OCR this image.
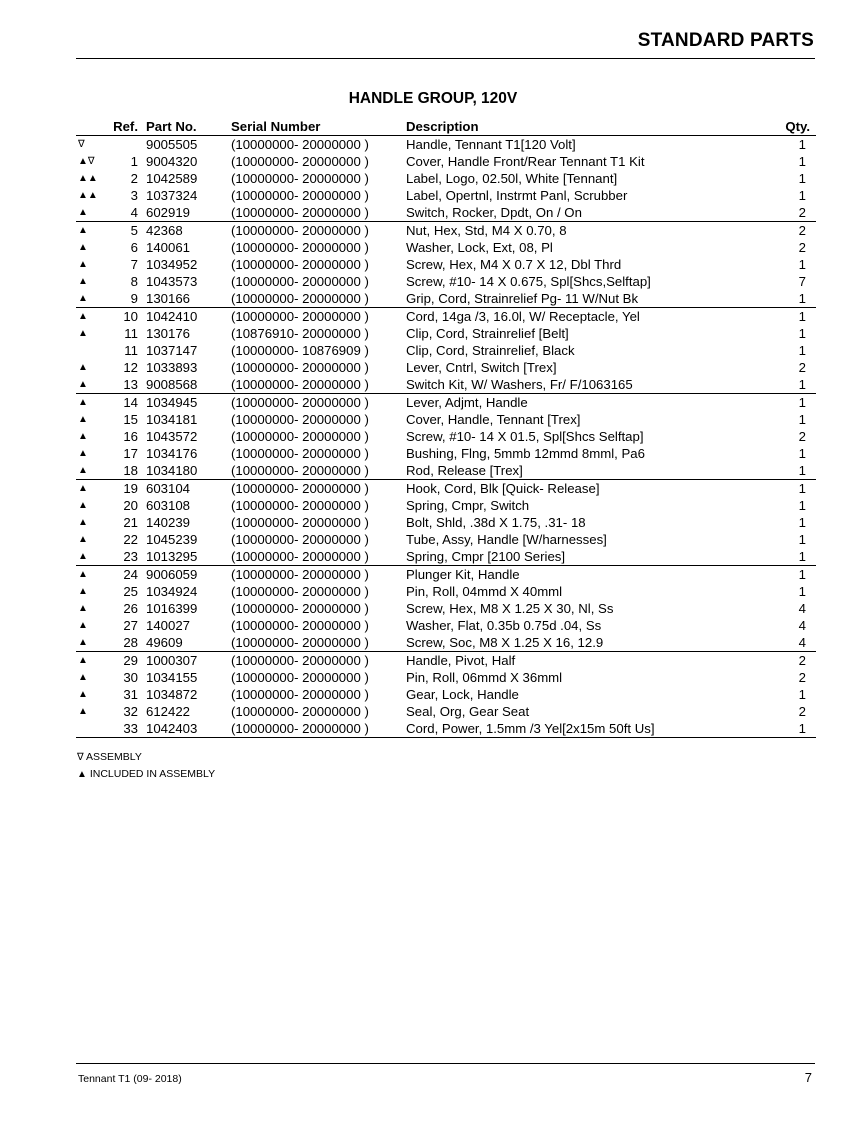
STANDARD PARTS
HANDLE GROUP, 120V
	Ref.	Part No.	Serial Number	Description	Qty.
∇		9005505	(10000000- 20000000 )	Handle, Tennant T1[120 Volt]	1
▲∇	1	9004320	(10000000- 20000000 )	Cover, Handle Front/Rear Tennant T1 Kit	1
▲▲	2	1042589	(10000000- 20000000 )	Label, Logo, 02.50l, White [Tennant]	1
▲▲	3	1037324	(10000000- 20000000 )	Label, Opertnl, Instrmt Panl, Scrubber	1
▲	4	602919	(10000000- 20000000 )	Switch, Rocker, Dpdt, On / On	2
▲	5	42368	(10000000- 20000000 )	Nut, Hex, Std, M4 X 0.70, 8	2
▲	6	140061	(10000000- 20000000 )	Washer, Lock, Ext, 08, Pl	2
▲	7	1034952	(10000000- 20000000 )	Screw, Hex, M4 X 0.7 X 12, Dbl Thrd	1
▲	8	1043573	(10000000- 20000000 )	Screw, #10- 14 X 0.675, Spl[Shcs,Selftap]	7
▲	9	130166	(10000000- 20000000 )	Grip, Cord, Strainrelief Pg- 11 W/Nut Bk	1
▲	10	1042410	(10000000- 20000000 )	Cord, 14ga /3, 16.0l, W/ Receptacle, Yel	1
▲	11	130176	(10876910- 20000000 )	Clip, Cord, Strainrelief [Belt]	1
	11	1037147	(10000000- 10876909 )	Clip, Cord, Strainrelief, Black	1
▲	12	1033893	(10000000- 20000000 )	Lever, Cntrl, Switch [Trex]	2
▲	13	9008568	(10000000- 20000000 )	Switch Kit, W/ Washers, Fr/ F/1063165	1
▲	14	1034945	(10000000- 20000000 )	Lever, Adjmt, Handle	1
▲	15	1034181	(10000000- 20000000 )	Cover, Handle, Tennant [Trex]	1
▲	16	1043572	(10000000- 20000000 )	Screw, #10- 14 X 01.5, Spl[Shcs Selftap]	2
▲	17	1034176	(10000000- 20000000 )	Bushing, Flng, 5mmb 12mmd 8mml, Pa6	1
▲	18	1034180	(10000000- 20000000 )	Rod, Release [Trex]	1
▲	19	603104	(10000000- 20000000 )	Hook, Cord, Blk [Quick- Release]	1
▲	20	603108	(10000000- 20000000 )	Spring, Cmpr, Switch	1
▲	21	140239	(10000000- 20000000 )	Bolt, Shld, .38d X 1.75, .31- 18	1
▲	22	1045239	(10000000- 20000000 )	Tube, Assy, Handle [W/harnesses]	1
▲	23	1013295	(10000000- 20000000 )	Spring, Cmpr [2100 Series]	1
▲	24	9006059	(10000000- 20000000 )	Plunger Kit, Handle	1
▲	25	1034924	(10000000- 20000000 )	Pin, Roll, 04mmd X 40mml	1
▲	26	1016399	(10000000- 20000000 )	Screw, Hex, M8 X 1.25 X 30, Nl, Ss	4
▲	27	140027	(10000000- 20000000 )	Washer, Flat, 0.35b 0.75d .04, Ss	4
▲	28	49609	(10000000- 20000000 )	Screw, Soc, M8 X 1.25 X 16, 12.9	4
▲	29	1000307	(10000000- 20000000 )	Handle, Pivot, Half	2
▲	30	1034155	(10000000- 20000000 )	Pin, Roll, 06mmd X 36mml	2
▲	31	1034872	(10000000- 20000000 )	Gear, Lock, Handle	1
▲	32	612422	(10000000- 20000000 )	Seal, Org, Gear Seat	2
	33	1042403	(10000000- 20000000 )	Cord, Power, 1.5mm /3 Yel[2x15m 50ft Us]	1
∇ ASSEMBLY
▲ INCLUDED IN ASSEMBLY
Tennant T1 (09- 2018)	7
